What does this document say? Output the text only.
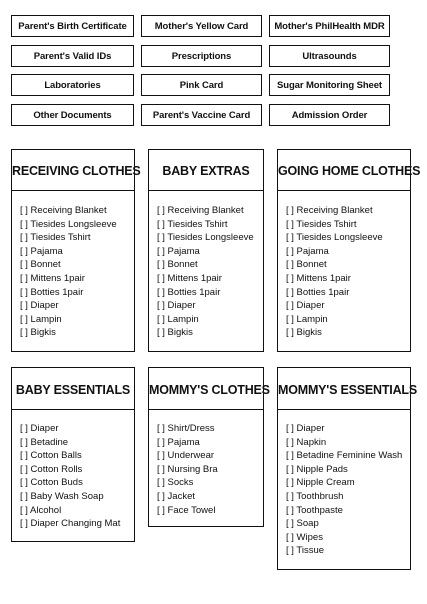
Parent's Birth Certificate	Mother's Yellow Card	Mother's PhilHealth MDR
Parent's Valid IDs	Prescriptions	Ultrasounds
Laboratories	Pink Card	Sugar Monitoring Sheet
Other Documents	Parent's Vaccine Card	Admission Order
RECEIVING CLOTHES
[ ] Receiving Blanket
[ ] Tiesides Longsleeve
[ ] Tiesides Tshirt
[ ] Pajama
[ ] Bonnet
[ ] Mittens 1pair
[ ] Botties 1pair
[ ] Diaper
[ ] Lampin
[ ] Bigkis
BABY EXTRAS
[ ] Receiving Blanket
[ ] Tiesides Tshirt
[ ] Tiesides Longsleeve
[ ] Pajama
[ ] Bonnet
[ ] Mittens 1pair
[ ] Botties 1pair
[ ] Diaper
[ ] Lampin
[ ] Bigkis
GOING HOME CLOTHES
[ ] Receiving Blanket
[ ] Tiesides Tshirt
[ ] Tiesides Longsleeve
[ ] Pajama
[ ] Bonnet
[ ] Mittens 1pair
[ ] Botties 1pair
[ ] Diaper
[ ] Lampin
[ ] Bigkis
BABY ESSENTIALS
[ ] Diaper
[ ] Betadine
[ ] Cotton Balls
[ ] Cotton Rolls
[ ] Cotton Buds
[ ] Baby Wash Soap
[ ] Alcohol
[ ] Diaper Changing Mat
MOMMY'S CLOTHES
[ ] Shirt/Dress
[ ] Pajama
[ ] Underwear
[ ] Nursing Bra
[ ] Socks
[ ] Jacket
[ ] Face Towel
MOMMY'S ESSENTIALS
[ ] Diaper
[ ] Napkin
[ ] Betadine Feminine Wash
[ ] Nipple Pads
[ ] Nipple Cream
[ ] Toothbrush
[ ] Toothpaste
[ ] Soap
[ ] Wipes
[ ] Tissue
